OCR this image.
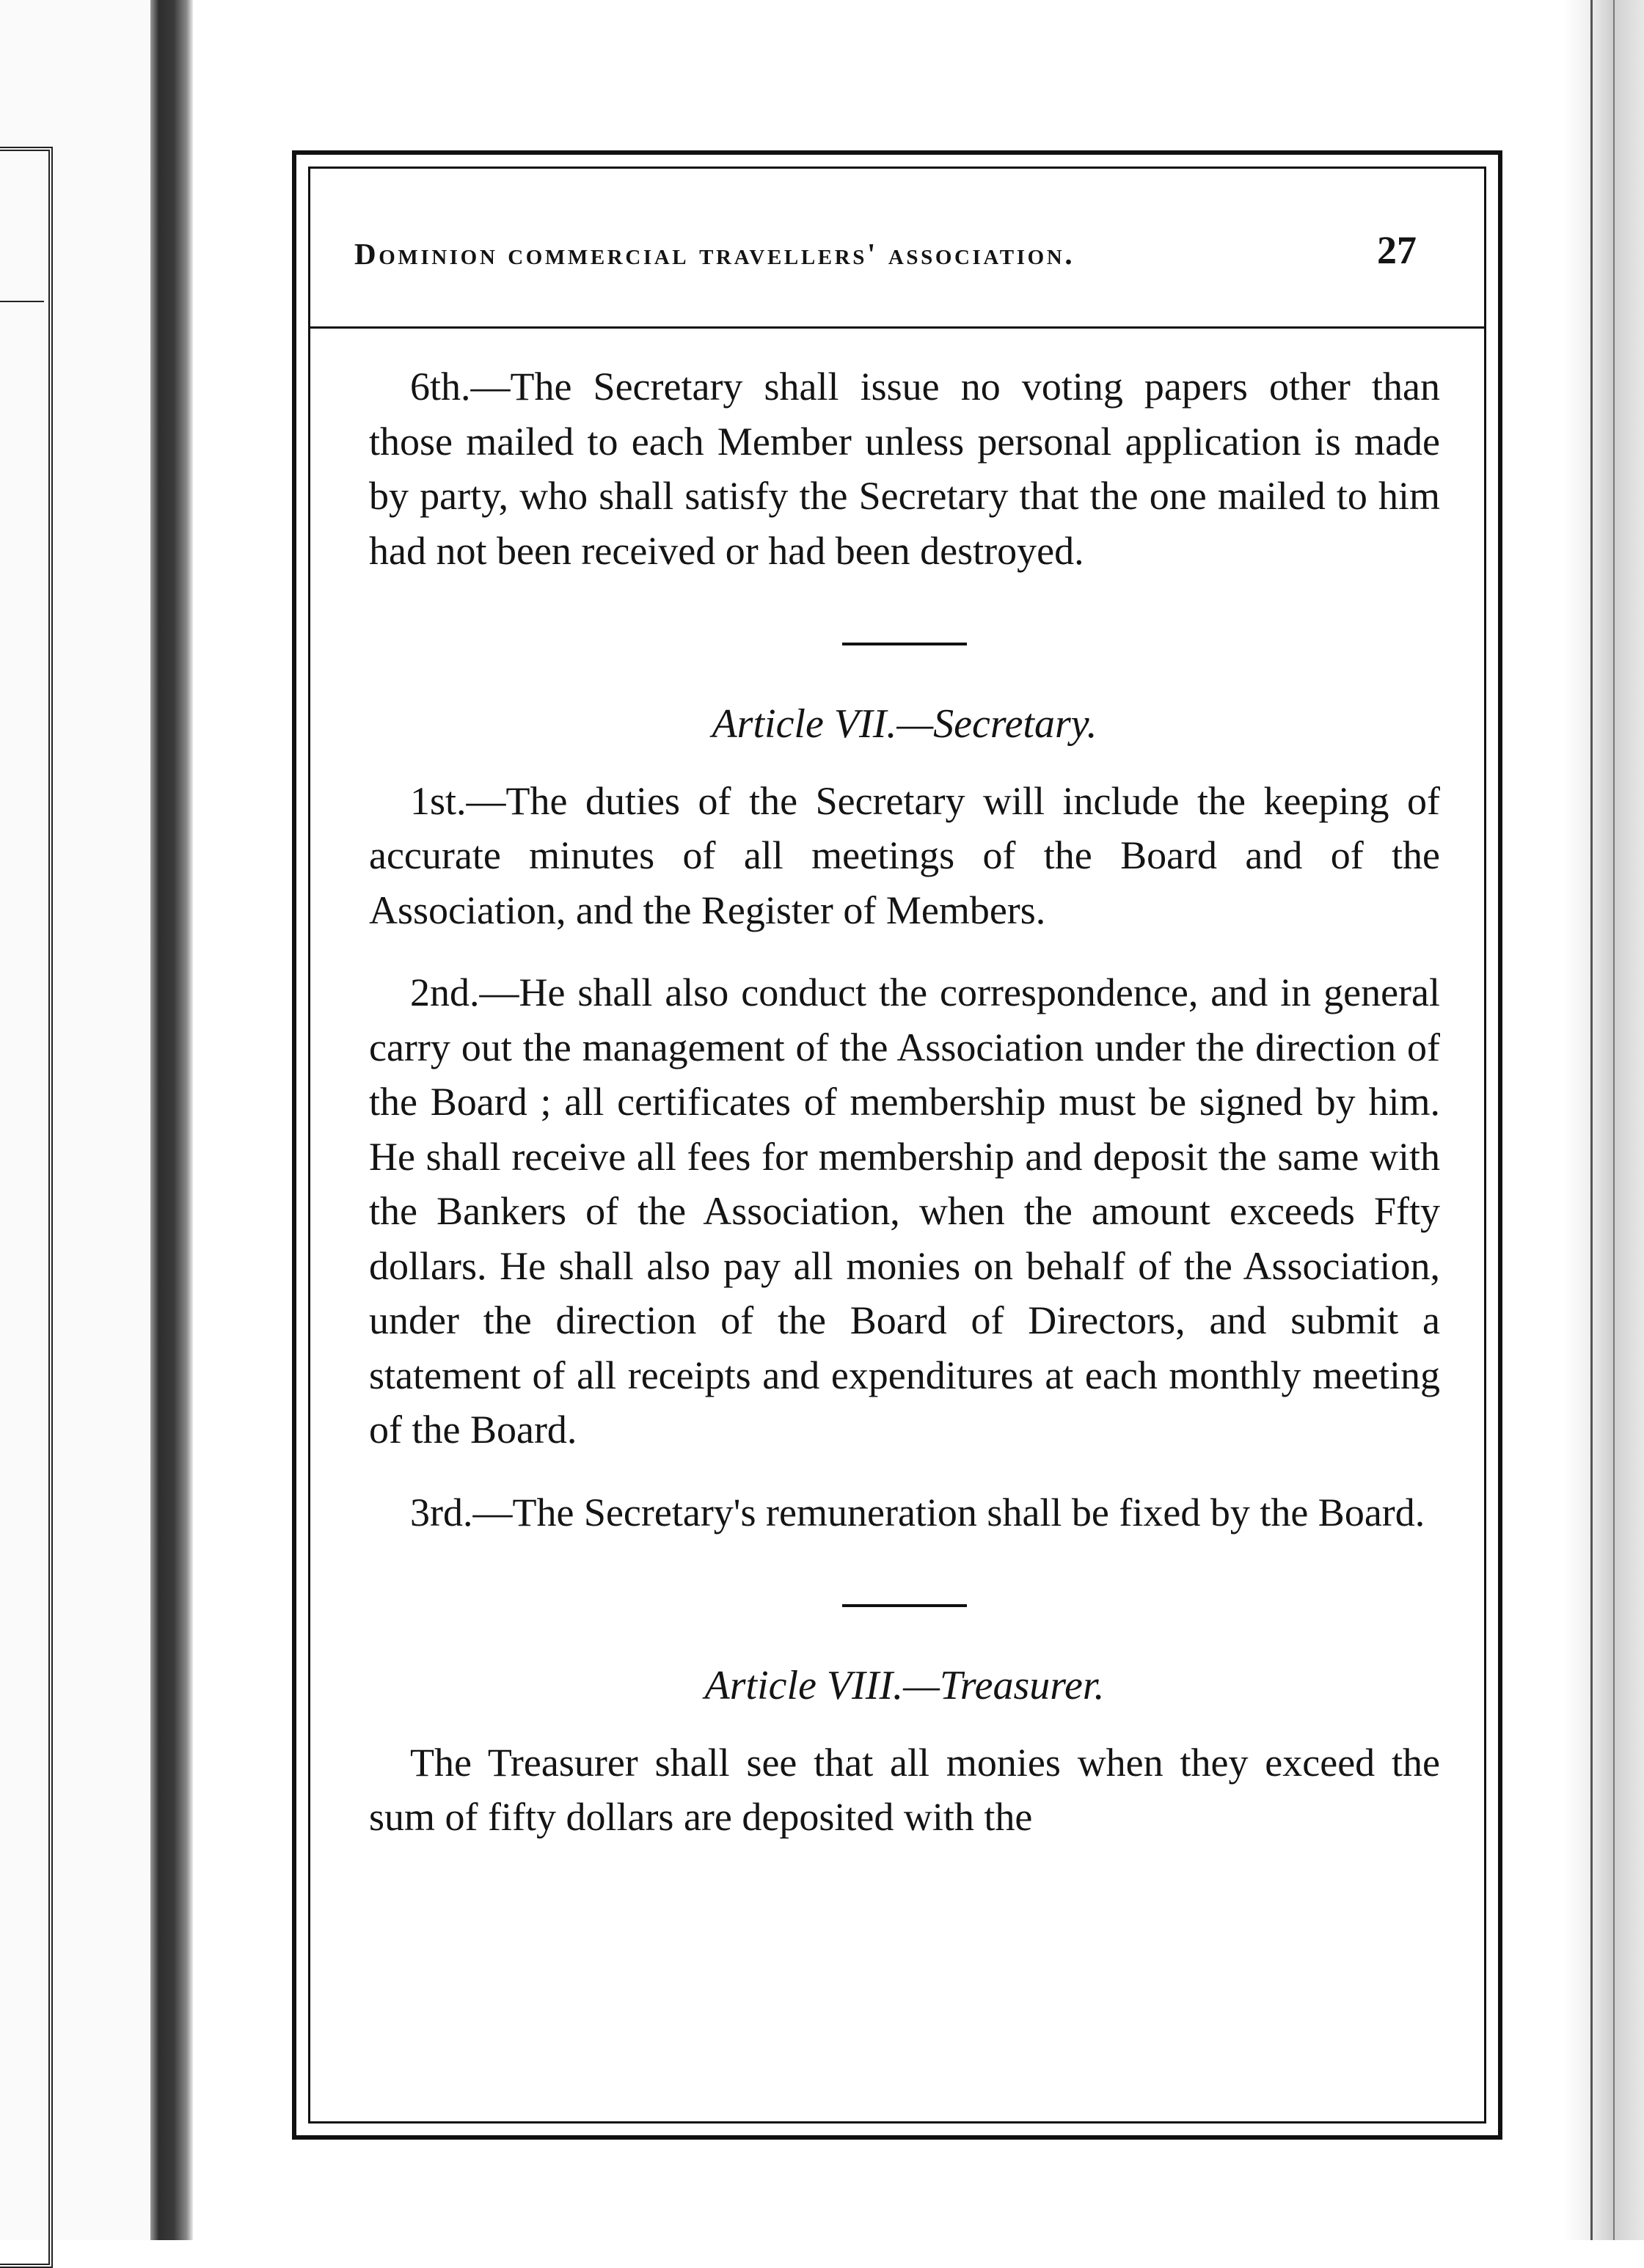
Dominion commercial travellers' association.	27

6th.—The Secretary shall issue no voting papers other than those mailed to each Member unless personal application is made by party, who shall satisfy the Secretary that the one mailed to him had not been received or had been destroyed.

Article VII.—Secretary.

1st.—The duties of the Secretary will include the keeping of accurate minutes of all meetings of the Board and of the Association, and the Register of Members.

2nd.—He shall also conduct the correspondence, and in general carry out the management of the Association under the direction of the Board ; all certificates of membership must be signed by him. He shall receive all fees for membership and deposit the same with the Bankers of the Association, when the amount exceeds Ffty dollars. He shall also pay all monies on behalf of the Association, under the direction of the Board of Directors, and submit a statement of all receipts and expenditures at each monthly meeting of the Board.

3rd.—The Secretary's remuneration shall be fixed by the Board.

Article VIII.—Treasurer.

The Treasurer shall see that all monies when they exceed the sum of fifty dollars are deposited with the
